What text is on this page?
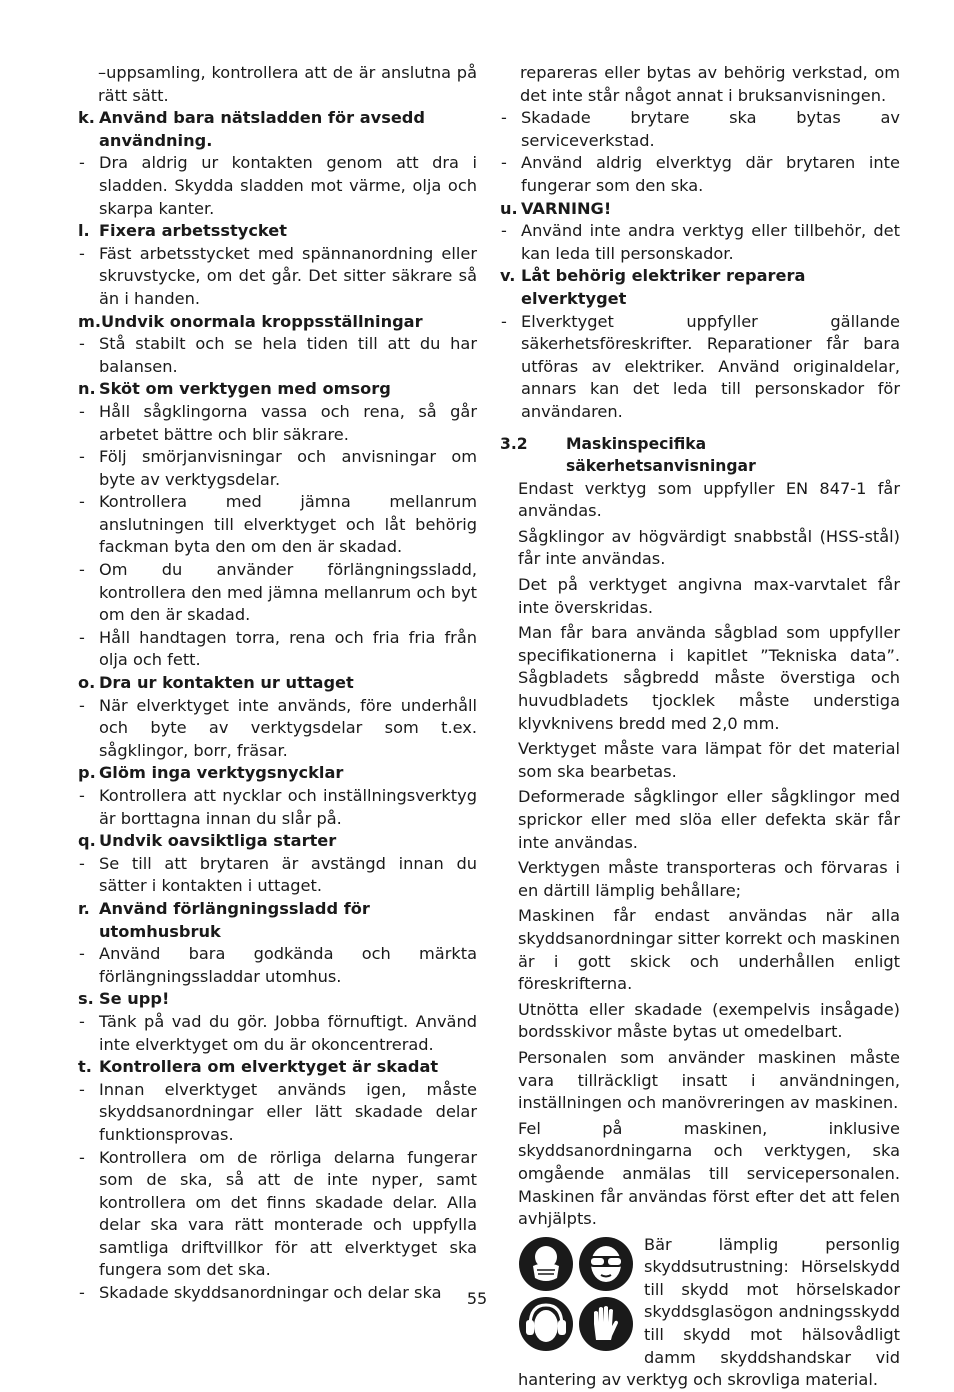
–uppsamling, kontrollera att de är anslutna på rätt sätt.
k. Använd bara nätsladden för avsedd användning.
- Dra aldrig ur kontakten genom att dra i sladden. Skydda sladden mot värme, olja och skarpa kanter.
l. Fixera arbetsstycket
- Fäst arbetsstycket med spännanordning eller skruvstycke, om det går. Det sitter säkrare så än i handen.
m.Undvik onormala kroppsställningar
- Stå stabilt och se hela tiden till att du har balansen.
n. Sköt om verktygen med omsorg
- Håll sågklingorna vassa och rena, så går arbetet bättre och blir säkrare.
- Följ smörjanvisningar och anvisningar om byte av verktygsdelar.
- Kontrollera med jämna mellanrum anslutningen till elverktyget och låt behörig fackman byta den om den är skadad.
- Om du använder förlängningssladd, kontrollera den med jämna mellanrum och byt om den är skadad.
- Håll handtagen torra, rena och fria fria från olja och fett.
o. Dra ur kontakten ur uttaget
- När elverktyget inte används, före underhåll och byte av verktygsdelar som t.ex. sågklingor, borr, fräsar.
p. Glöm inga verktygsnycklar
- Kontrollera att nycklar och inställningsverktyg är borttagna innan du slår på.
q. Undvik oavsiktliga starter
- Se till att brytaren är avstängd innan du sätter i kontakten i uttaget.
r. Använd förlängningssladd för utomhusbruk
- Använd bara godkända och märkta förlängningssladdar utomhus.
s. Se upp!
- Tänk på vad du gör. Jobba förnuftigt. Använd inte elverktyget om du är okoncentrerad.
t. Kontrollera om elverktyget är skadat
- Innan elverktyget används igen, måste skyddsanordningar eller lätt skadade delar funktionsprovas.
- Kontrollera om de rörliga delarna fungerar som de ska, så att de inte nyper, samt kontrollera om det finns skadade delar. Alla delar ska vara rätt monterade och uppfylla samtliga driftvillkor för att elverktyget ska fungera som det ska.
- Skadade skyddsanordningar och delar ska
repareras eller bytas av behörig verkstad, om det inte står något annat i bruksanvisningen.
- Skadade brytare ska bytas av serviceverkstad.
- Använd aldrig elverktyg där brytaren inte fungerar som den ska.
u. VARNING!
- Använd inte andra verktyg eller tillbehör, det kan leda till personskador.
v. Låt behörig elektriker reparera elverktyget
- Elverktyget uppfyller gällande säkerhetsföreskrifter. Reparationer får bara utföras av elektriker. Använd originaldelar, annars kan det leda till personskador för användaren.
3.2	Maskinspecifika säkerhetsanvisningar
Endast verktyg som uppfyller EN 847-1 får användas.
Sågklingor av högvärdigt snabbstål (HSS-stål) får inte användas.
Det på verktyget angivna max-varvtalet får inte överskridas.
Man får bara använda sågblad som uppfyller specifikationerna i kapitlet ”Tekniska data”. Sågbladets sågbredd måste överstiga och huvudbladets tjocklek måste understiga klyvknivens bredd med 2,0 mm.
Verktyget måste vara lämpat för det material som ska bearbetas.
Deformerade sågklingor eller sågklingor med sprickor eller med slöa eller defekta skär får inte användas.
Verktygen måste transporteras och förvaras i en därtill lämplig behållare;
Maskinen får endast användas när alla skyddsanordningar sitter korrekt och maskinen är i gott skick och underhållen enligt föreskrifterna.
Utnötta eller skadade (exempelvis insågade) bordsskivor måste bytas ut omedelbart.
Personalen som använder maskinen måste vara tillräckligt insatt i användningen, inställningen och manövreringen av maskinen.
Fel på maskinen, inklusive skyddsanordningarna och verktygen, ska omgående anmälas till servicepersonalen. Maskinen får användas först efter det att felen avhjälpts.
Bär lämplig personlig skyddsutrustning: Hörselskydd till skydd mot hörselskador skyddsglasögon andningsskydd till skydd mot hälsovådligt damm skyddshandskar vid hantering av verktyg och skrovliga material.
55
